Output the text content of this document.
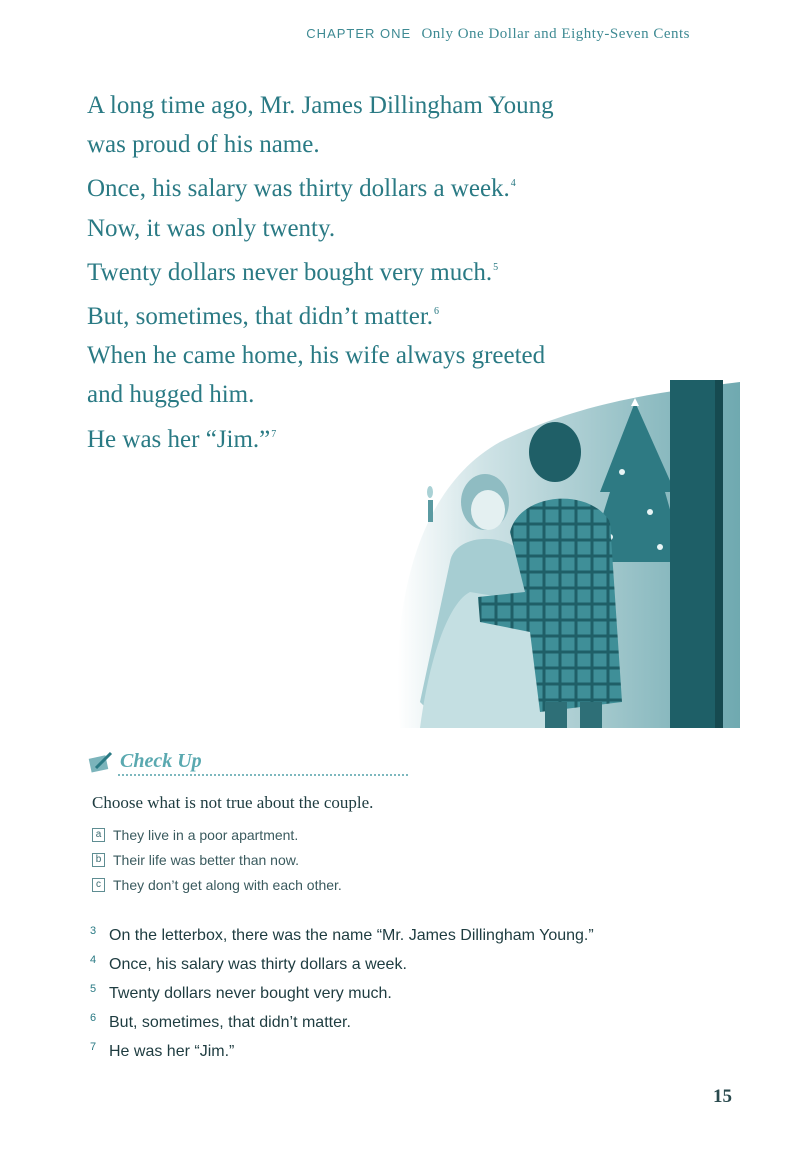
CHAPTER ONE Only One Dollar and Eighty-Seven Cents
A long time ago, Mr. James Dillingham Young
was proud of his name.
Once, his salary was thirty dollars a week.$^4$
Now, it was only twenty.
Twenty dollars never bought very much.$^5$
But, sometimes, that didn’t matter.$^6$
When he came home, his wife always greeted
and hugged him.
He was her “Jim.”$^7$
Check Up
Choose what is not true about the couple.
a They live in a poor apartment.
b Their life was better than now.
c They don’t get along with each other.
3 On the letterbox, there was the name “Mr. James Dillingham Young.”
4 Once, his salary was thirty dollars a week.
5 Twenty dollars never bought very much.
6 But, sometimes, that didn’t matter.
7 He was her “Jim.”
15
